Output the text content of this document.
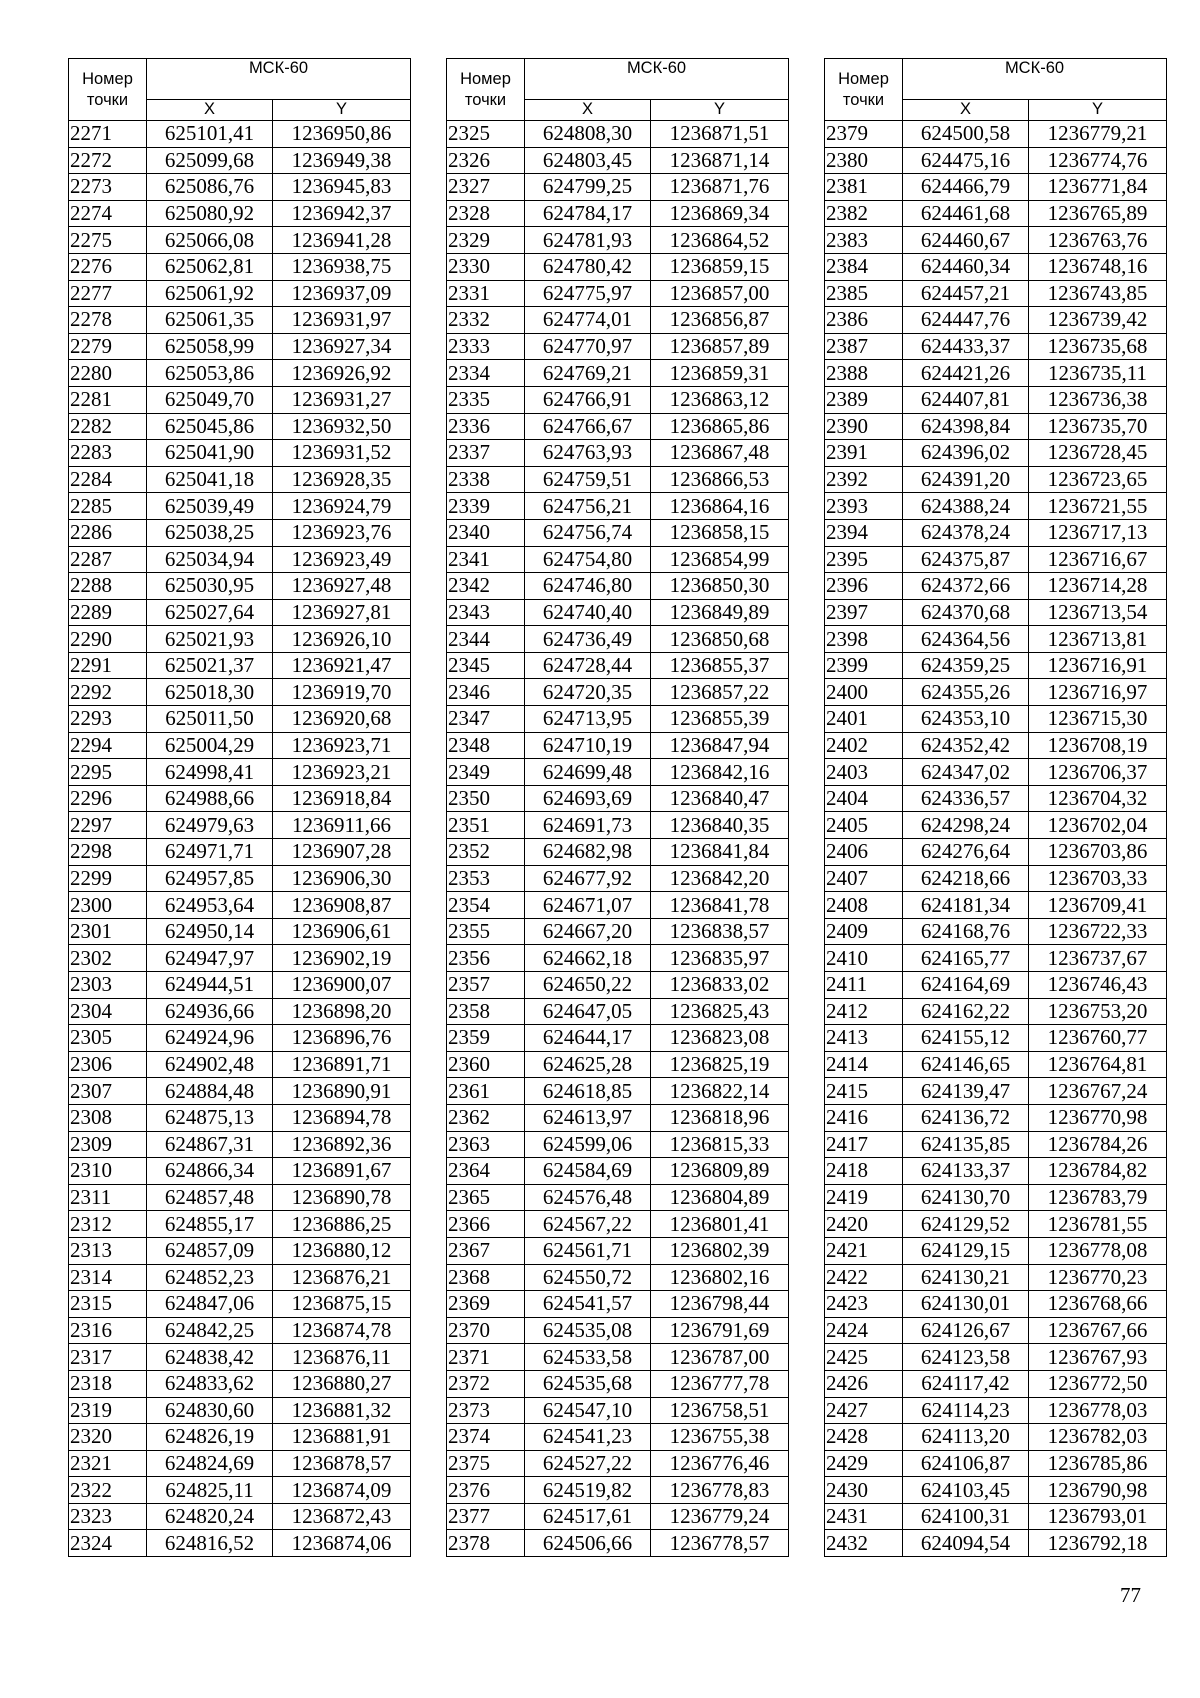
Номер
точки	МСК-60	
	X	Y
2271	625101,41	1236950,86
2272	625099,68	1236949,38
2273	625086,76	1236945,83
2274	625080,92	1236942,37
2275	625066,08	1236941,28
2276	625062,81	1236938,75
2277	625061,92	1236937,09
2278	625061,35	1236931,97
2279	625058,99	1236927,34
2280	625053,86	1236926,92
2281	625049,70	1236931,27
2282	625045,86	1236932,50
2283	625041,90	1236931,52
2284	625041,18	1236928,35
2285	625039,49	1236924,79
2286	625038,25	1236923,76
2287	625034,94	1236923,49
2288	625030,95	1236927,48
2289	625027,64	1236927,81
2290	625021,93	1236926,10
2291	625021,37	1236921,47
2292	625018,30	1236919,70
2293	625011,50	1236920,68
2294	625004,29	1236923,71
2295	624998,41	1236923,21
2296	624988,66	1236918,84
2297	624979,63	1236911,66
2298	624971,71	1236907,28
2299	624957,85	1236906,30
2300	624953,64	1236908,87
2301	624950,14	1236906,61
2302	624947,97	1236902,19
2303	624944,51	1236900,07
2304	624936,66	1236898,20
2305	624924,96	1236896,76
2306	624902,48	1236891,71
2307	624884,48	1236890,91
2308	624875,13	1236894,78
2309	624867,31	1236892,36
2310	624866,34	1236891,67
2311	624857,48	1236890,78
2312	624855,17	1236886,25
2313	624857,09	1236880,12
2314	624852,23	1236876,21
2315	624847,06	1236875,15
2316	624842,25	1236874,78
2317	624838,42	1236876,11
2318	624833,62	1236880,27
2319	624830,60	1236881,32
2320	624826,19	1236881,91
2321	624824,69	1236878,57
2322	624825,11	1236874,09
2323	624820,24	1236872,43
2324	624816,52	1236874,06
Номер
точки	МСК-60	
	X	Y
2325	624808,30	1236871,51
2326	624803,45	1236871,14
2327	624799,25	1236871,76
2328	624784,17	1236869,34
2329	624781,93	1236864,52
2330	624780,42	1236859,15
2331	624775,97	1236857,00
2332	624774,01	1236856,87
2333	624770,97	1236857,89
2334	624769,21	1236859,31
2335	624766,91	1236863,12
2336	624766,67	1236865,86
2337	624763,93	1236867,48
2338	624759,51	1236866,53
2339	624756,21	1236864,16
2340	624756,74	1236858,15
2341	624754,80	1236854,99
2342	624746,80	1236850,30
2343	624740,40	1236849,89
2344	624736,49	1236850,68
2345	624728,44	1236855,37
2346	624720,35	1236857,22
2347	624713,95	1236855,39
2348	624710,19	1236847,94
2349	624699,48	1236842,16
2350	624693,69	1236840,47
2351	624691,73	1236840,35
2352	624682,98	1236841,84
2353	624677,92	1236842,20
2354	624671,07	1236841,78
2355	624667,20	1236838,57
2356	624662,18	1236835,97
2357	624650,22	1236833,02
2358	624647,05	1236825,43
2359	624644,17	1236823,08
2360	624625,28	1236825,19
2361	624618,85	1236822,14
2362	624613,97	1236818,96
2363	624599,06	1236815,33
2364	624584,69	1236809,89
2365	624576,48	1236804,89
2366	624567,22	1236801,41
2367	624561,71	1236802,39
2368	624550,72	1236802,16
2369	624541,57	1236798,44
2370	624535,08	1236791,69
2371	624533,58	1236787,00
2372	624535,68	1236777,78
2373	624547,10	1236758,51
2374	624541,23	1236755,38
2375	624527,22	1236776,46
2376	624519,82	1236778,83
2377	624517,61	1236779,24
2378	624506,66	1236778,57
Номер
точки	МСК-60	
	X	Y
2379	624500,58	1236779,21
2380	624475,16	1236774,76
2381	624466,79	1236771,84
2382	624461,68	1236765,89
2383	624460,67	1236763,76
2384	624460,34	1236748,16
2385	624457,21	1236743,85
2386	624447,76	1236739,42
2387	624433,37	1236735,68
2388	624421,26	1236735,11
2389	624407,81	1236736,38
2390	624398,84	1236735,70
2391	624396,02	1236728,45
2392	624391,20	1236723,65
2393	624388,24	1236721,55
2394	624378,24	1236717,13
2395	624375,87	1236716,67
2396	624372,66	1236714,28
2397	624370,68	1236713,54
2398	624364,56	1236713,81
2399	624359,25	1236716,91
2400	624355,26	1236716,97
2401	624353,10	1236715,30
2402	624352,42	1236708,19
2403	624347,02	1236706,37
2404	624336,57	1236704,32
2405	624298,24	1236702,04
2406	624276,64	1236703,86
2407	624218,66	1236703,33
2408	624181,34	1236709,41
2409	624168,76	1236722,33
2410	624165,77	1236737,67
2411	624164,69	1236746,43
2412	624162,22	1236753,20
2413	624155,12	1236760,77
2414	624146,65	1236764,81
2415	624139,47	1236767,24
2416	624136,72	1236770,98
2417	624135,85	1236784,26
2418	624133,37	1236784,82
2419	624130,70	1236783,79
2420	624129,52	1236781,55
2421	624129,15	1236778,08
2422	624130,21	1236770,23
2423	624130,01	1236768,66
2424	624126,67	1236767,66
2425	624123,58	1236767,93
2426	624117,42	1236772,50
2427	624114,23	1236778,03
2428	624113,20	1236782,03
2429	624106,87	1236785,86
2430	624103,45	1236790,98
2431	624100,31	1236793,01
2432	624094,54	1236792,18
77
